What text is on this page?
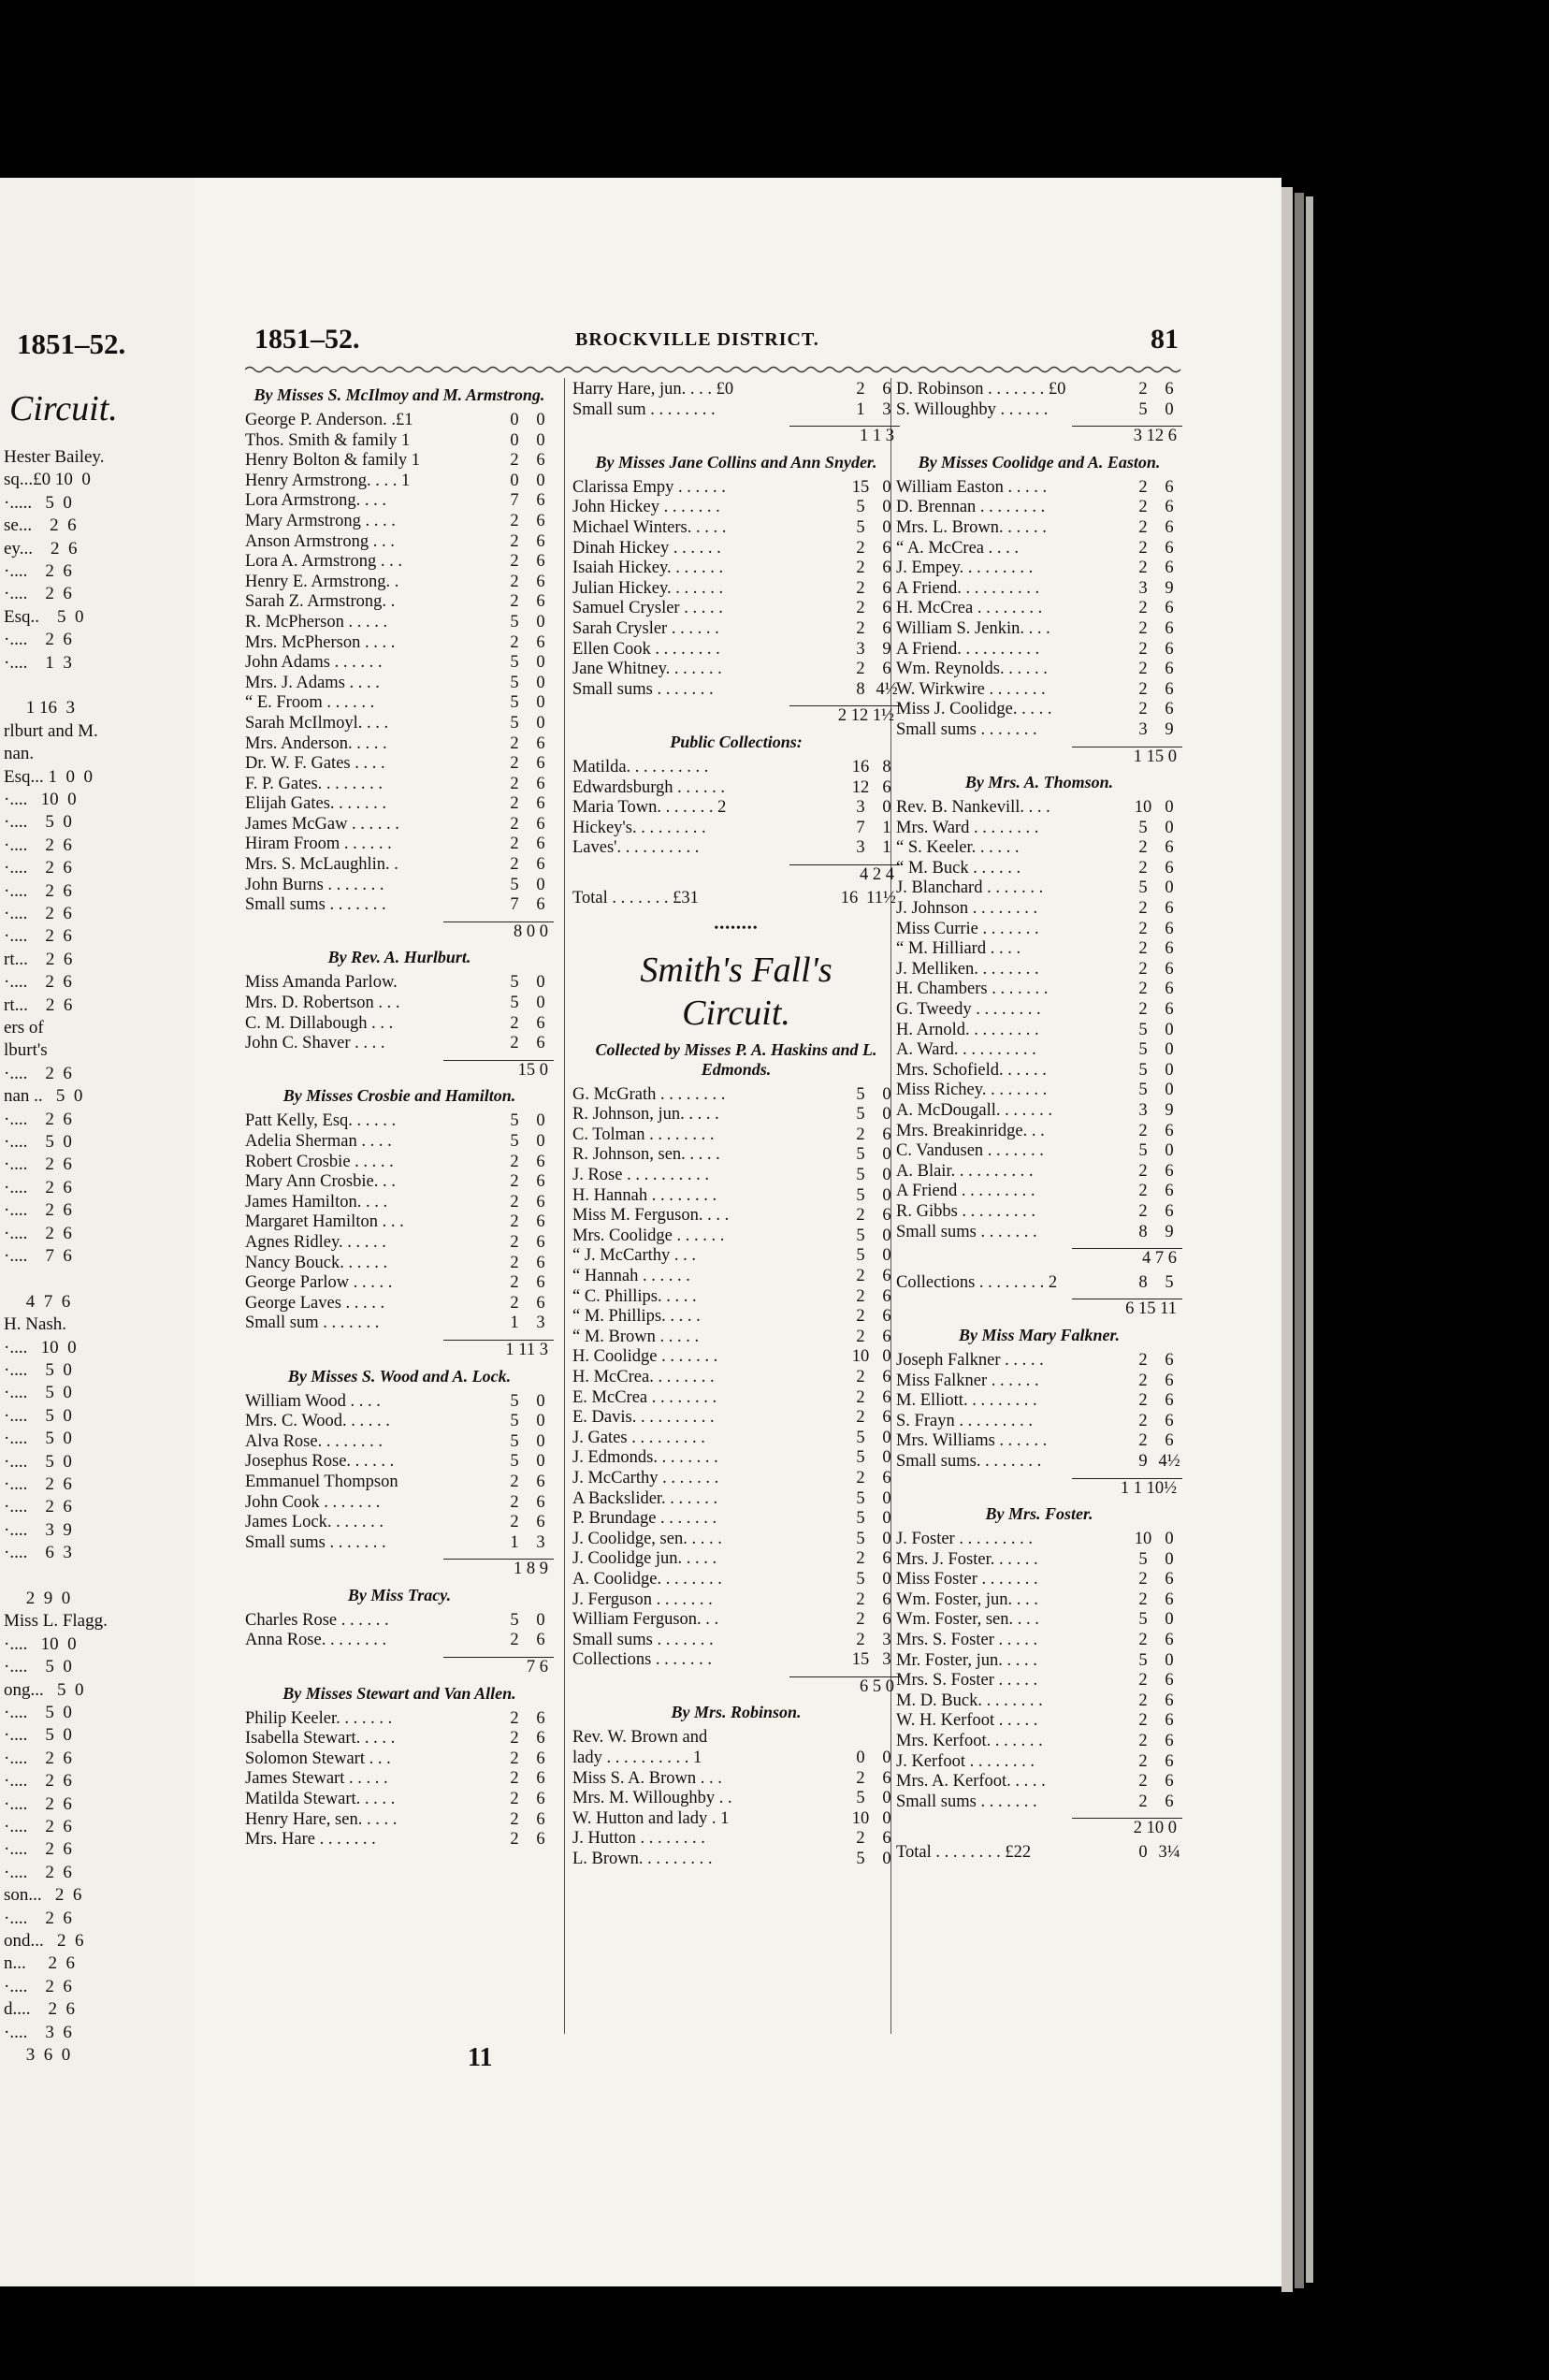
1851–52.
Circuit.
Hester Bailey.
sq...£0 10  0
·.....   5  0
se...    2  6
ey...    2  6
·....    2  6
·....    2  6
Esq..    5  0
·....    2  6
·....    1  3
1 16  3
rlburt and M.
nan.
Esq... 1  0  0
·....   10  0
·....    5  0
·....    2  6
·....    2  6
·....    2  6
·....    2  6
·....    2  6
rt...    2  6
·....    2  6
rt...    2  6
ers of
lburt's
·....    2  6
nan ..   5  0
·....    2  6
·....    5  0
·....    2  6
·....    2  6
·....    2  6
·....    2  6
·....    7  6
4  7  6
H. Nash.
·....   10  0
·....    5  0
·....    5  0
·....    5  0
·....    5  0
·....    5  0
·....    2  6
·....    2  6
·....    3  9
·....    6  3
2  9  0
Miss L. Flagg.
·....   10  0
·....    5  0
ong...   5  0
·....    5  0
·....    5  0
·....    2  6
·....    2  6
·....    2  6
·....    2  6
·....    2  6
·....    2  6
son...   2  6
·....    2  6
ond...   2  6
n...     2  6
·....    2  6
d....    2  6
·....    3  6
3  6  0
1851–52.	BROCKVILLE DISTRICT.	81
By Misses S. McIlmoy and M. Armstrong.
George P. Anderson. .£1	0	0
Thos. Smith & family 1	0	0
Henry Bolton & family 1	2	6
Henry Armstrong. . . . 1	0	0
Lora Armstrong. . . .	7	6
Mary Armstrong . . . .	2	6
Anson Armstrong . . .	2	6
Lora A. Armstrong . . .	2	6
Henry E. Armstrong. .	2	6
Sarah Z. Armstrong. .	2	6
R. McPherson . . . . .	5	0
Mrs. McPherson . . . .	2	6
John Adams . . . . . .	5	0
Mrs. J. Adams . . . .	5	0
“ E. Froom . . . . . .	5	0
Sarah McIlmoyl. . . .	5	0
Mrs. Anderson. . . . .	2	6
Dr. W. F. Gates . . . .	2	6
F. P. Gates. . . . . . . .	2	6
Elijah Gates. . . . . . .	2	6
James McGaw . . . . . .	2	6
Hiram Froom . . . . . .	2	6
Mrs. S. McLaughlin. .	2	6
John Burns . . . . . . .	5	0
Small sums . . . . . . .	7	6
8 0 0
By Rev. A. Hurlburt.
Miss Amanda Parlow.	5	0
Mrs. D. Robertson . . .	5	0
C. M. Dillabough . . .	2	6
John C. Shaver . . . .	2	6
15 0
By Misses Crosbie and Hamilton.
Patt Kelly, Esq. . . . . .	5	0
Adelia Sherman . . . .	5	0
Robert Crosbie . . . . .	2	6
Mary Ann Crosbie. . .	2	6
James Hamilton. . . .	2	6
Margaret Hamilton . . .	2	6
Agnes Ridley. . . . . .	2	6
Nancy Bouck. . . . . .	2	6
George Parlow . . . . .	2	6
George Laves . . . . .	2	6
Small sum . . . . . . .	1	3
1 11 3
By Misses S. Wood and A. Lock.
William Wood . . . .	5	0
Mrs. C. Wood. . . . . .	5	0
Alva Rose. . . . . . . .	5	0
Josephus Rose. . . . . .	5	0
Emmanuel Thompson	2	6
John Cook . . . . . . .	2	6
James Lock. . . . . . .	2	6
Small sums . . . . . . .	1	3
1 8 9
By Miss Tracy.
Charles Rose . . . . . .	5	0
Anna Rose. . . . . . . .	2	6
7 6
By Misses Stewart and Van Allen.
Philip Keeler. . . . . . .	2	6
Isabella Stewart. . . . .	2	6
Solomon Stewart . . .	2	6
James Stewart . . . . .	2	6
Matilda Stewart. . . . .	2	6
Henry Hare, sen. . . . .	2	6
Mrs. Hare . . . . . . .	2	6
Harry Hare, jun. . . . £0	2	6
Small sum . . . . . . . .	1	3
1 1 3
By Misses Jane Collins and Ann Snyder.
Clarissa Empy . . . . . .	15 0
John Hickey . . . . . . .	5	0
Michael Winters. . . . .	5	0
Dinah Hickey . . . . . .	2	6
Isaiah Hickey. . . . . . .	2	6
Julian Hickey. . . . . . .	2	6
Samuel Crysler . . . . .	2	6
Sarah Crysler . . . . . .	2	6
Ellen Cook . . . . . . . .	3	9
Jane Whitney. . . . . . .	2	6
Small sums . . . . . . .	8 4½
2 12 1½
Public Collections:
Matilda. . . . . . . . . .	16 8
Edwardsburgh . . . . . .	12 6
Maria Town. . . . . . . 2	3	0
Hickey's. . . . . . . . .	7	1
Laves'. . . . . . . . . .	3	1
4 2 4
Total . . . . . . . £31	16 11½
••••••••
Smith's Fall's
Circuit.
Collected by Misses P. A. Haskins and L. Edmonds.
G. McGrath . . . . . . . .	5	0
R. Johnson, jun. . . . .	5	0
C. Tolman . . . . . . . .	2	6
R. Johnson, sen. . . . .	5	0
J. Rose . . . . . . . . . .	5	0
H. Hannah . . . . . . . .	5	0
Miss M. Ferguson. . . .	2	6
Mrs. Coolidge . . . . . .	5	0
“ J. McCarthy . . .	5	0
“ Hannah . . . . . .	2	6
“ C. Phillips. . . . .	2	6
“ M. Phillips. . . . .	2	6
“ M. Brown . . . . .	2	6
H. Coolidge . . . . . . .	10 0
H. McCrea. . . . . . . .	2	6
E. McCrea . . . . . . . .	2	6
E. Davis. . . . . . . . . .	2	6
J. Gates . . . . . . . . .	5	0
J. Edmonds. . . . . . . .	5	0
J. McCarthy . . . . . . .	2	6
A Backslider. . . . . . .	5	0
P. Brundage . . . . . . .	5	0
J. Coolidge, sen. . . . .	5	0
J. Coolidge jun. . . . .	2	6
A. Coolidge. . . . . . . .	5	0
J. Ferguson . . . . . . .	2	6
William Ferguson. . .	2	6
Small sums . . . . . . .	2	3
Collections . . . . . . .	15 3
6 5 0
By Mrs. Robinson.
Rev. W. Brown and
lady . . . . . . . . . . 1	0	0
Miss S. A. Brown . . .	2	6
Mrs. M. Willoughby . .	5	0
W. Hutton and lady . 1	10 0
J. Hutton . . . . . . . .	2	6
L. Brown. . . . . . . . .	5	0
D. Robinson . . . . . . . £0	2	6
S. Willoughby . . . . . .	5	0
3 12 6
By Misses Coolidge and A. Easton.
William Easton . . . . .	2	6
D. Brennan . . . . . . . .	2	6
Mrs. L. Brown. . . . . .	2	6
“ A. McCrea . . . .	2	6
J. Empey. . . . . . . . .	2	6
A Friend. . . . . . . . . .	3	9
H. McCrea . . . . . . . .	2	6
William S. Jenkin. . . .	2	6
A Friend. . . . . . . . . .	2	6
Wm. Reynolds. . . . . .	2	6
W. Wirkwire . . . . . . .	2	6
Miss J. Coolidge. . . . .	2	6
Small sums . . . . . . .	3	9
1 15 0
By Mrs. A. Thomson.
Rev. B. Nankevill. . . .	10 0
Mrs. Ward . . . . . . . .	5	0
“ S. Keeler. . . . . .	2	6
“ M. Buck . . . . . .	2	6
J. Blanchard . . . . . . .	5	0
J. Johnson . . . . . . . .	2	6
Miss Currie . . . . . . .	2	6
“ M. Hilliard . . . .	2	6
J. Melliken. . . . . . . .	2	6
H. Chambers . . . . . . .	2	6
G. Tweedy . . . . . . . .	2	6
H. Arnold. . . . . . . . .	5	0
A. Ward. . . . . . . . . .	5	0
Mrs. Schofield. . . . . .	5	0
Miss Richey. . . . . . . .	5	0
A. McDougall. . . . . . .	3	9
Mrs. Breakinridge. . .	2	6
C. Vandusen . . . . . . .	5	0
A. Blair. . . . . . . . . .	2	6
A Friend . . . . . . . . .	2	6
R. Gibbs . . . . . . . . .	2	6
Small sums . . . . . . .	8	9
4 7 6
Collections . . . . . . . . 2	8	5
6 15 11
By Miss Mary Falkner.
Joseph Falkner . . . . .	2	6
Miss Falkner . . . . . .	2	6
M. Elliott. . . . . . . . .	2	6
S. Frayn . . . . . . . . .	2	6
Mrs. Williams . . . . . .	2	6
Small sums. . . . . . . .	9 4½
1 1 10½
By Mrs. Foster.
J. Foster . . . . . . . . .	10 0
Mrs. J. Foster. . . . . .	5	0
Miss Foster . . . . . . .	2	6
Wm. Foster, jun. . . .	2	6
Wm. Foster, sen. . . .	5	0
Mrs. S. Foster . . . . .	2	6
Mr. Foster, jun. . . . .	5	0
Mrs. S. Foster . . . . .	2	6
M. D. Buck. . . . . . . .	2	6
W. H. Kerfoot . . . . .	2	6
Mrs. Kerfoot. . . . . . .	2	6
J. Kerfoot . . . . . . . .	2	6
Mrs. A. Kerfoot. . . . .	2	6
Small sums . . . . . . .	2	6
2 10 0
Total . . . . . . . . £22	0 3¼
11
